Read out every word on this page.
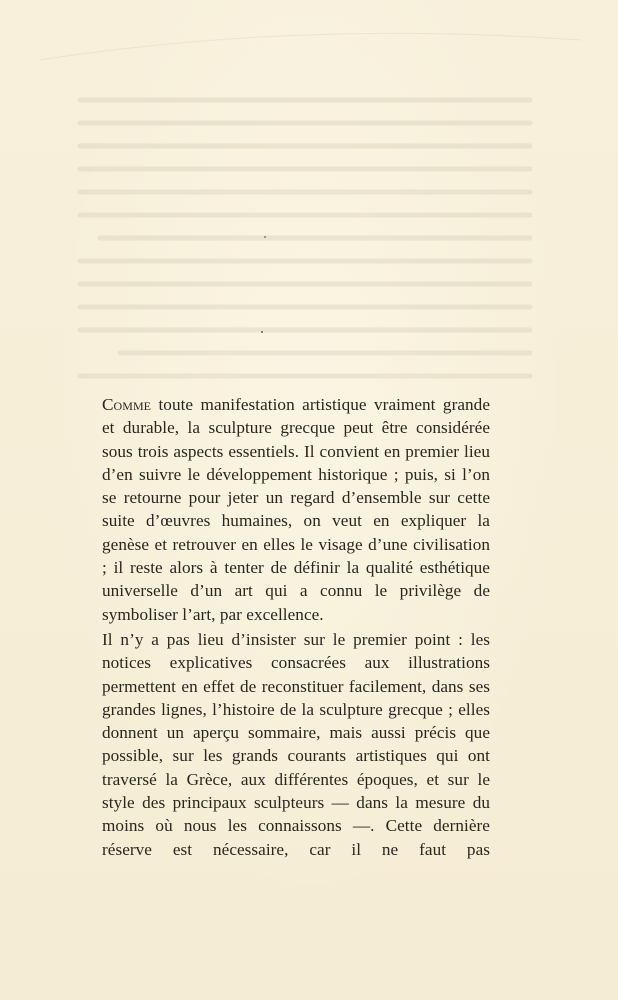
Comme toute manifestation artistique vraiment grande et durable, la sculpture grecque peut être considérée sous trois aspects essentiels. Il convient en premier lieu d’en suivre le développement historique ; puis, si l’on se retourne pour jeter un regard d’ensemble sur cette suite d’œuvres humaines, on veut en expliquer la genèse et retrouver en elles le visage d’une civilisation ; il reste alors à tenter de définir la qualité esthétique universelle d’un art qui a connu le privilège de symboliser l’art, par excellence.

Il n’y a pas lieu d’insister sur le premier point : les notices explicatives consacrées aux illustrations permettent en effet de reconstituer facilement, dans ses grandes lignes, l’histoire de la sculpture grecque ; elles donnent un aperçu sommaire, mais aussi précis que possible, sur les grands courants artistiques qui ont traversé la Grèce, aux différentes époques, et sur le style des principaux sculpteurs — dans la mesure du moins où nous les connaissons —. Cette dernière réserve est nécessaire, car il ne faut pas
